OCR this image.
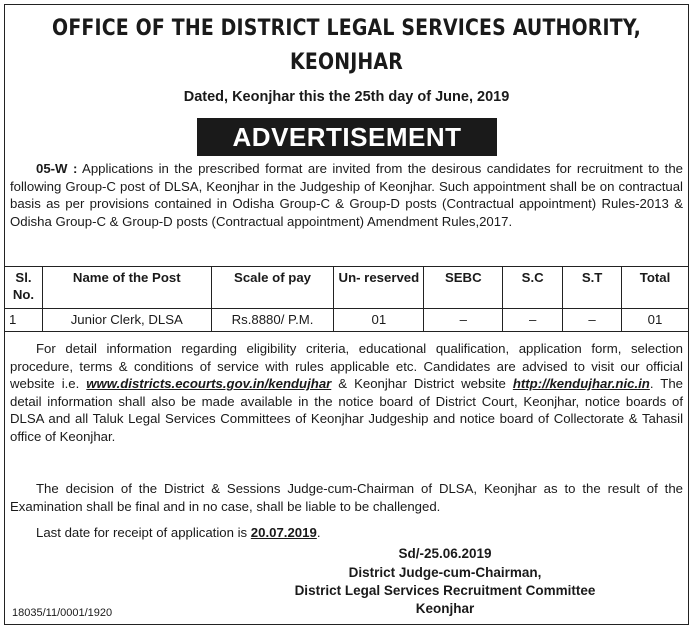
OFFICE OF THE DISTRICT LEGAL SERVICES AUTHORITY,
KEONJHAR
Dated, Keonjhar this the 25th day of June, 2019
ADVERTISEMENT

05-W : Applications in the prescribed format are invited from the desirous candidates for recruitment to the following Group-C post of DLSA, Keonjhar in the Judgeship of Keonjhar. Such appointment shall be on contractual basis as per provisions contained in Odisha Group-C & Group-D posts (Contractual appointment) Rules-2013 & Odisha Group-C & Group-D posts (Contractual appointment) Amendment Rules,2017.

Sl. No.	Name of the Post	Scale of pay	Un- reserved	SEBC	S.C	S.T	Total
1	Junior Clerk, DLSA	Rs.8880/ P.M.	01	–	–	–	01

For detail information regarding eligibility criteria, educational qualification, application form, selection procedure, terms & conditions of service with rules applicable etc. Candidates are advised to visit our official website i.e. www.districts.ecourts.gov.in/kendujhar & Keonjhar District website http://kendujhar.nic.in. The detail information shall also be made available in the notice board of District Court, Keonjhar, notice boards of DLSA and all Taluk Legal Services Committees of Keonjhar Judgeship and notice board of Collectorate & Tahasil office of Keonjhar.

The decision of the District & Sessions Judge-cum-Chairman of DLSA, Keonjhar as to the result of the Examination shall be final and in no case, shall be liable to be challenged.

Last date for receipt of application is 20.07.2019.

Sd/-25.06.2019
District Judge-cum-Chairman,
District Legal Services Recruitment Committee
Keonjhar
18035/11/0001/1920
